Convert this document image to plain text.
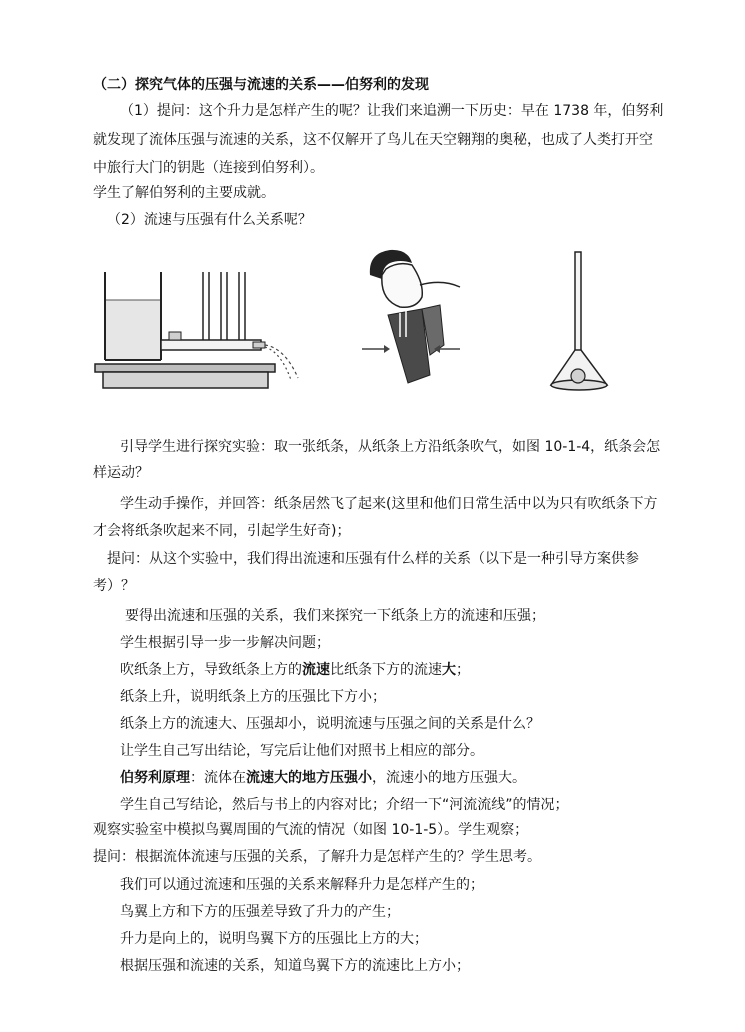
（二）探究气体的压强与流速的关系——伯努利的发现
（1）提问：这个升力是怎样产生的呢？让我们来追溯一下历史：早在 1738 年，伯努利
就发现了流体压强与流速的关系，这不仅解开了鸟儿在天空翱翔的奥秘，也成了人类打开空
中旅行大门的钥匙（连接到伯努利）。
学生了解伯努利的主要成就。
（2）流速与压强有什么关系呢？
引导学生进行探究实验：取一张纸条，从纸条上方沿纸条吹气，如图 10-1-4，纸条会怎
样运动？
学生动手操作，并回答：纸条居然飞了起来(这里和他们日常生活中以为只有吹纸条下方
才会将纸条吹起来不同，引起学生好奇)；
提问：从这个实验中，我们得出流速和压强有什么样的关系（以下是一种引导方案供参
考）？
要得出流速和压强的关系，我们来探究一下纸条上方的流速和压强；
学生根据引导一步一步解决问题；
吹纸条上方，导致纸条上方的流速比纸条下方的流速大；
纸条上升，说明纸条上方的压强比下方小；
纸条上方的流速大、压强却小，说明流速与压强之间的关系是什么？
让学生自己写出结论，写完后让他们对照书上相应的部分。
伯努利原理：流体在流速大的地方压强小，流速小的地方压强大。
学生自己写结论，然后与书上的内容对比；介绍一下“河流流线”的情况；
观察实验室中模拟鸟翼周围的气流的情况（如图 10-1-5）。学生观察；
提问：根据流体流速与压强的关系，了解升力是怎样产生的？学生思考。
我们可以通过流速和压强的关系来解释升力是怎样产生的；
鸟翼上方和下方的压强差导致了升力的产生；
升力是向上的，说明鸟翼下方的压强比上方的大；
根据压强和流速的关系，知道鸟翼下方的流速比上方小；
